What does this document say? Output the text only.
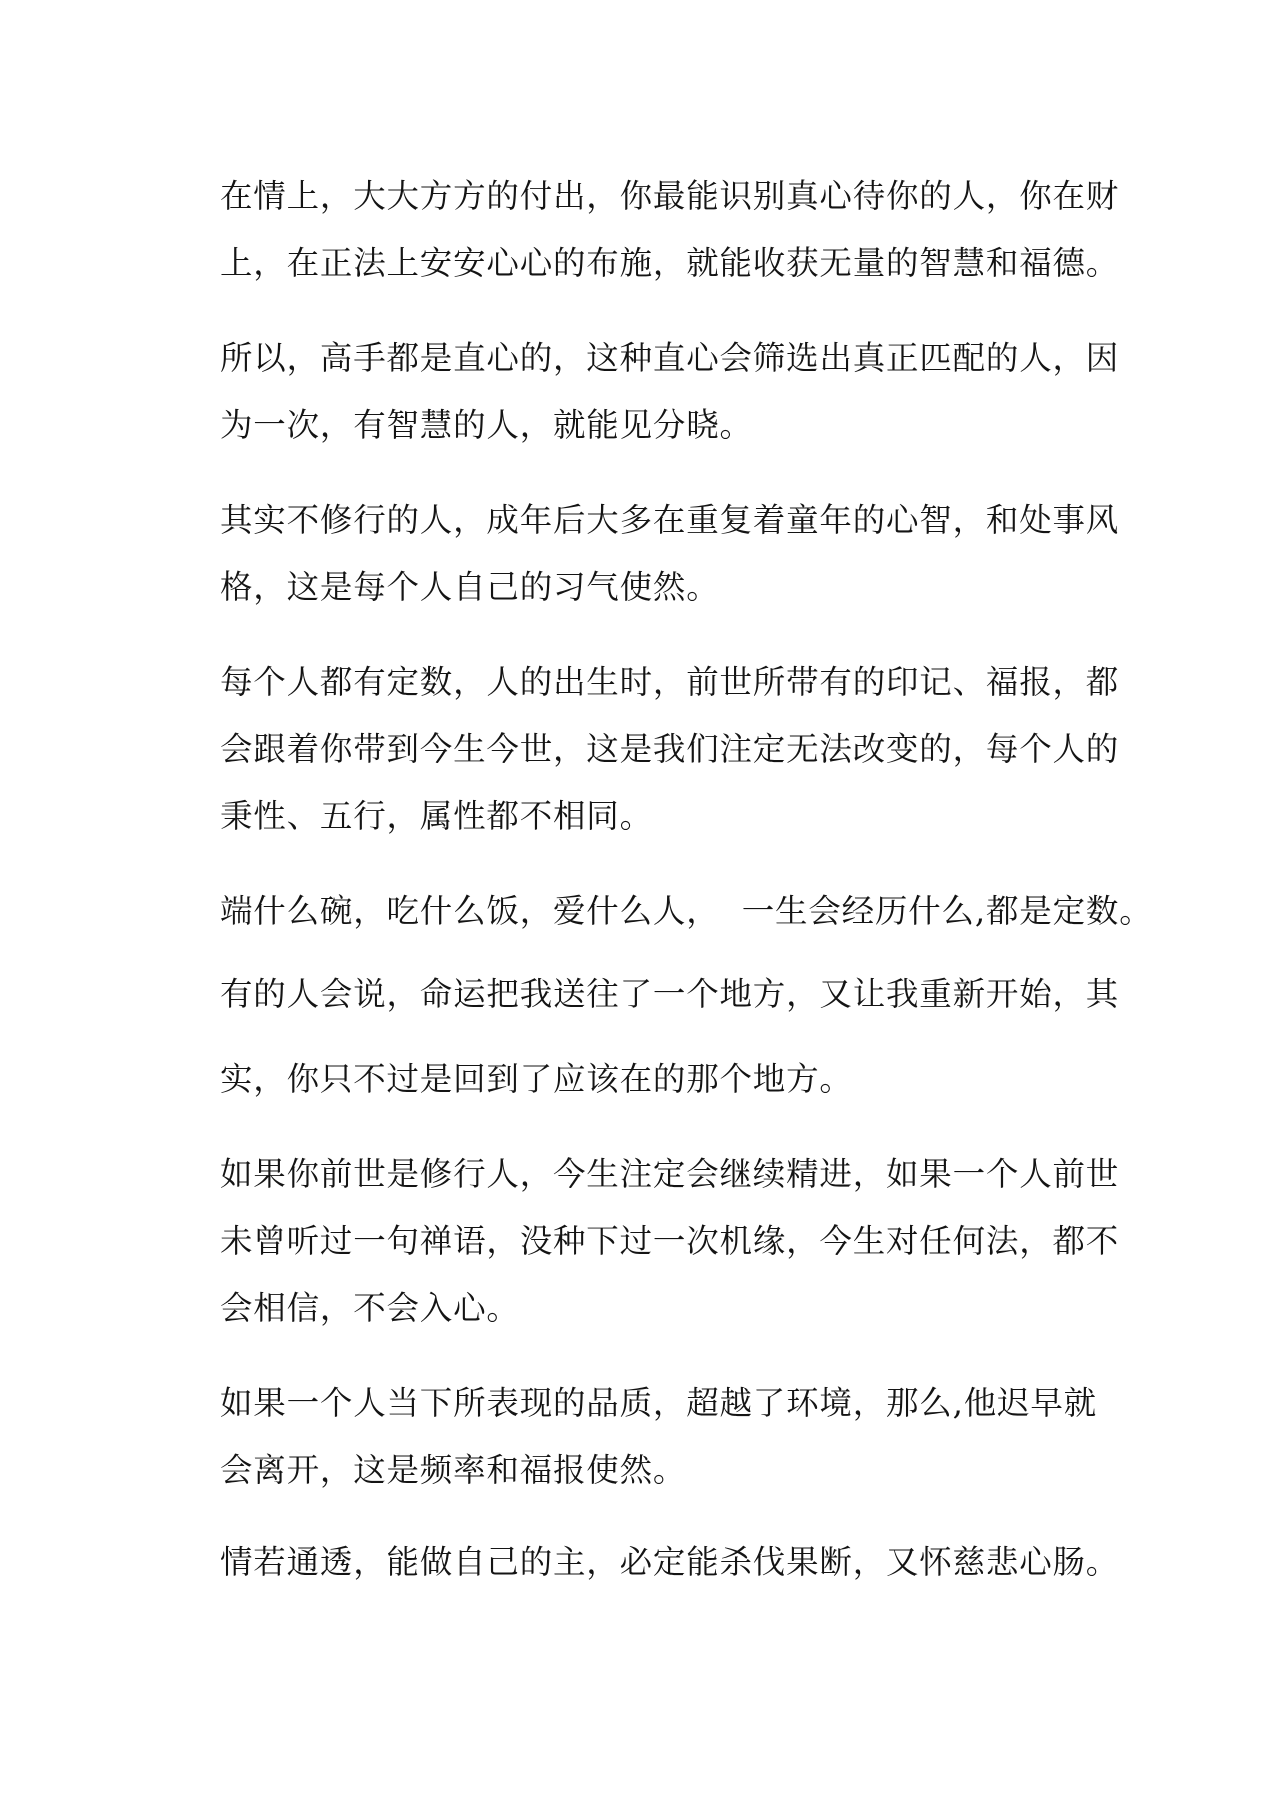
在情上，大大方方的付出，你最能识别真心待你的人，你在财

上，在正法上安安心心的布施，就能收获无量的智慧和福德。

所以，高手都是直心的，这种直心会筛选出真正匹配的人，因

为一次，有智慧的人，就能见分晓。

其实不修行的人，成年后大多在重复着童年的心智，和处事风

格，这是每个人自己的习气使然。

每个人都有定数，人的出生时，前世所带有的印记、福报，都

会跟着你带到今生今世，这是我们注定无法改变的，每个人的

秉性、五行，属性都不相同。

端什么碗，吃什么饭，爱什么人，  一生会经历什么,都是定数。

有的人会说，命运把我送往了一个地方，又让我重新开始，其

实，你只不过是回到了应该在的那个地方。

如果你前世是修行人，今生注定会继续精进，如果一个人前世

未曾听过一句禅语，没种下过一次机缘，今生对任何法，都不

会相信，不会入心。

如果一个人当下所表现的品质，超越了环境，那么,他迟早就

会离开，这是频率和福报使然。

情若通透，能做自己的主，必定能杀伐果断，又怀慈悲心肠。
